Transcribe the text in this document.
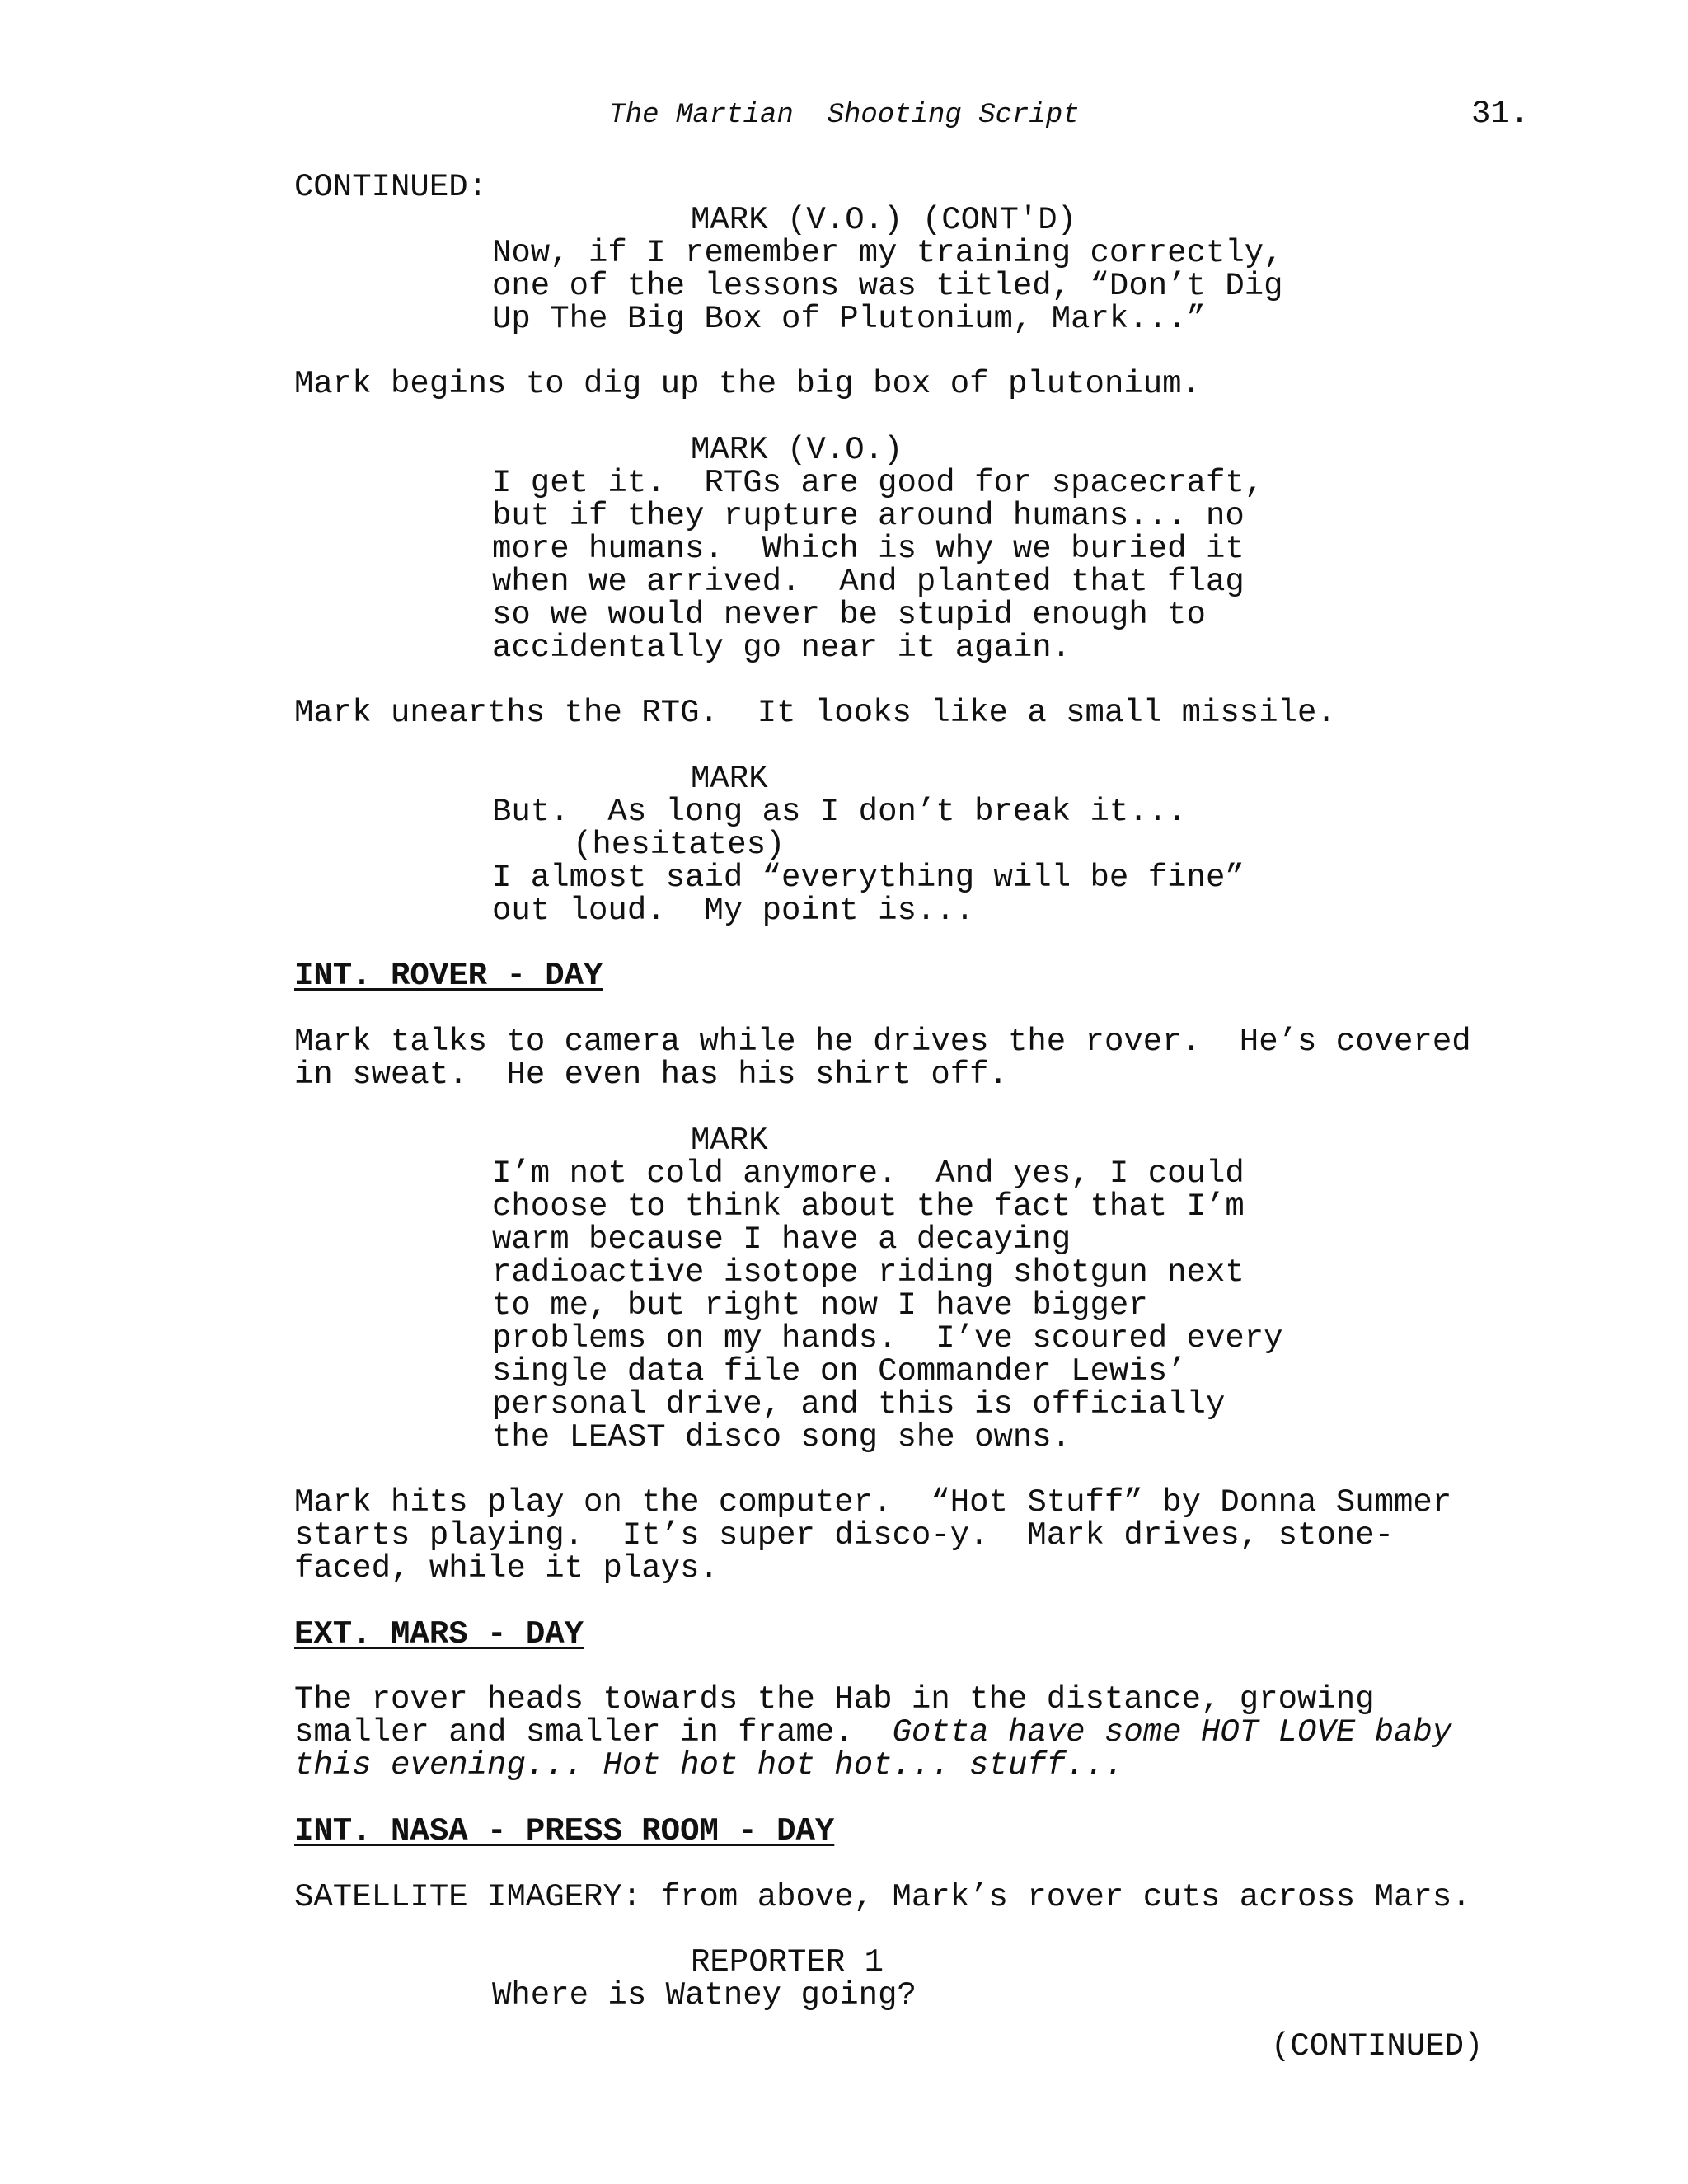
The Martian  Shooting Script	31.
CONTINUED:
MARK (V.O.) (CONT'D)
Now, if I remember my training correctly,
one of the lessons was titled, “Don’t Dig
Up The Big Box of Plutonium, Mark...”
Mark begins to dig up the big box of plutonium.
MARK (V.O.)
I get it.  RTGs are good for spacecraft,
but if they rupture around humans... no
more humans.  Which is why we buried it
when we arrived.  And planted that flag
so we would never be stupid enough to
accidentally go near it again.
Mark unearths the RTG.  It looks like a small missile.
MARK
But.  As long as I don’t break it...
(hesitates)
I almost said “everything will be fine”
out loud.  My point is...
INT. ROVER - DAY
Mark talks to camera while he drives the rover.  He’s covered
in sweat.  He even has his shirt off.
MARK
I’m not cold anymore.  And yes, I could
choose to think about the fact that I’m
warm because I have a decaying
radioactive isotope riding shotgun next
to me, but right now I have bigger
problems on my hands.  I’ve scoured every
single data file on Commander Lewis’
personal drive, and this is officially
the LEAST disco song she owns.
Mark hits play on the computer.  “Hot Stuff” by Donna Summer
starts playing.  It’s super disco-y.  Mark drives, stone-
faced, while it plays.
EXT. MARS - DAY
The rover heads towards the Hab in the distance, growing
smaller and smaller in frame.  Gotta have some HOT LOVE baby
this evening... Hot hot hot hot... stuff...
INT. NASA - PRESS ROOM - DAY
SATELLITE IMAGERY: from above, Mark’s rover cuts across Mars.
REPORTER 1
Where is Watney going?
(CONTINUED)
